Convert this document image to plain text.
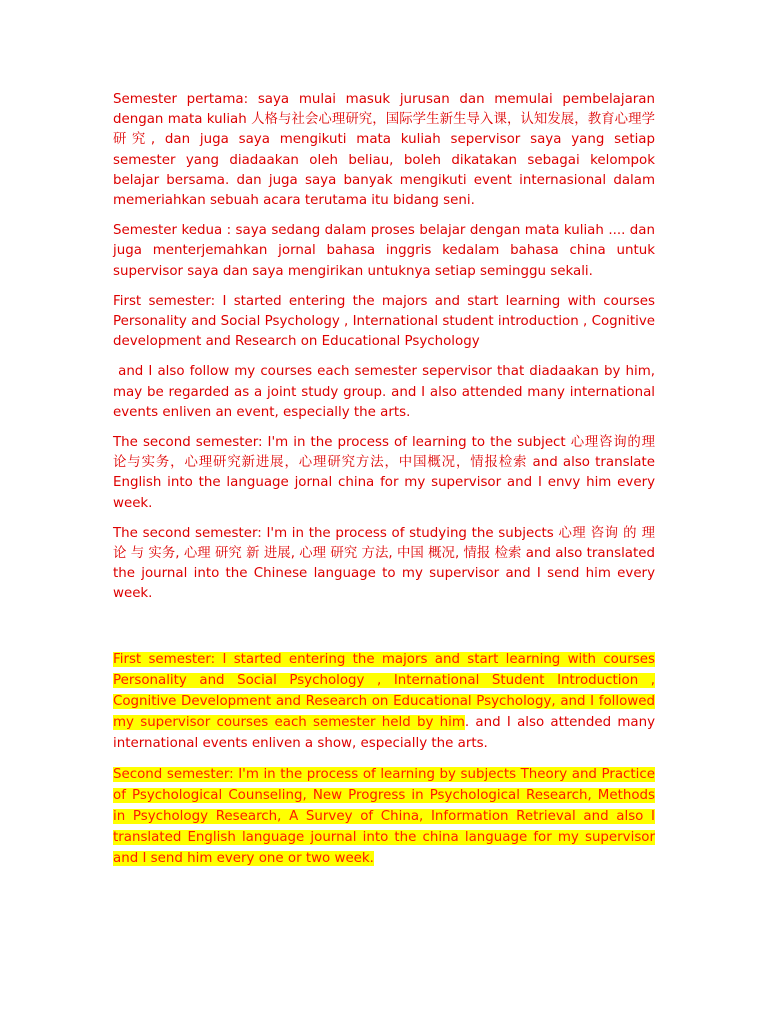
Semester pertama: saya mulai masuk jurusan dan memulai pembelajaran dengan mata kuliah 人格与社会心理研究，国际学生新生导入课，认知发展，教育心理学研究, dan juga saya mengikuti mata kuliah sepervisor saya yang setiap semester yang diadaakan oleh beliau, boleh dikatakan sebagai kelompok belajar bersama. dan juga saya banyak mengikuti event internasional dalam memeriahkan sebuah acara terutama itu bidang seni.

Semester kedua : saya sedang dalam proses belajar dengan mata kuliah .... dan juga menterjemahkan jornal bahasa inggris kedalam bahasa china untuk supervisor saya dan saya mengirikan untuknya setiap seminggu sekali.

First semester: I started entering the majors and start learning with courses Personality and Social Psychology , International student introduction , Cognitive development and Research on Educational Psychology

and I also follow my courses each semester sepervisor that diadaakan by him, may be regarded as a joint study group. and I also attended many international events enliven an event, especially the arts.

The second semester: I'm in the process of learning to the subject 心理咨询的理论与实务，心理研究新进展，心理研究方法，中国概况，情报检索 and also translate English into the language jornal china for my supervisor and I envy him every week.

The second semester: I'm in the process of studying the subjects 心理 咨询 的 理论 与 实务, 心理 研究 新 进展, 心理 研究 方法, 中国 概况, 情报 检索 and also translated the journal into the Chinese language to my supervisor and I send him every week.

First semester: I started entering the majors and start learning with courses Personality and Social Psychology , International Student Introduction , Cognitive Development and Research on Educational Psychology, and I followed my supervisor courses each semester held by him. and I also attended many international events enliven a show, especially the arts.

Second semester: I'm in the process of learning by subjects Theory and Practice of Psychological Counseling, New Progress in Psychological Research, Methods in Psychology Research, A Survey of China, Information Retrieval and also I translated English language journal into the china language for my supervisor and I send him every one or two week.
